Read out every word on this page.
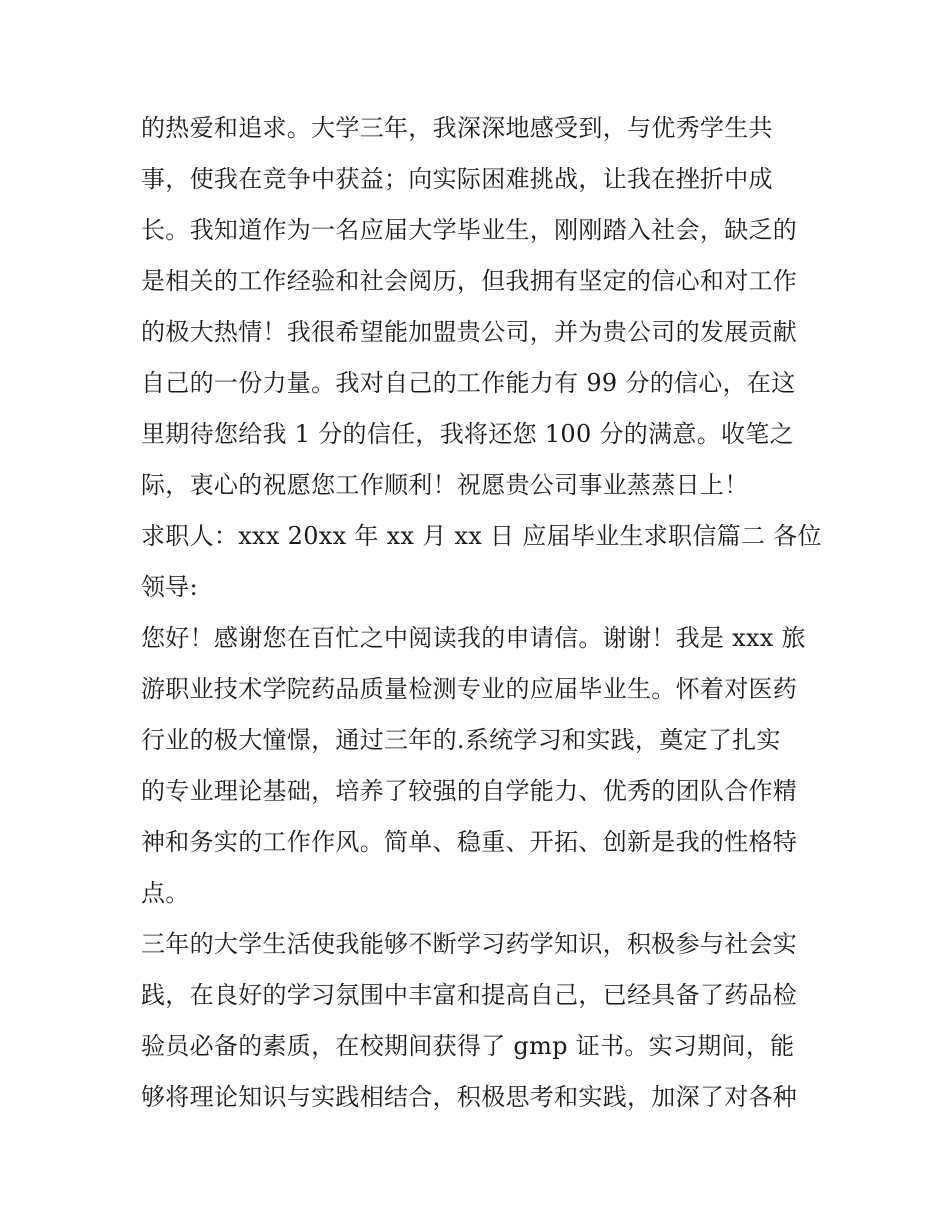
的热爱和追求。大学三年，我深深地感受到，与优秀学生共
事，使我在竞争中获益；向实际困难挑战，让我在挫折中成
长。我知道作为一名应届大学毕业生，刚刚踏入社会，缺乏的
是相关的工作经验和社会阅历，但我拥有坚定的信心和对工作
的极大热情！我很希望能加盟贵公司，并为贵公司的发展贡献
自己的一份力量。我对自己的工作能力有 99 分的信心，在这
里期待您给我 1 分的信任，我将还您 100 分的满意。收笔之
际，衷心的祝愿您工作顺利！祝愿贵公司事业蒸蒸日上！
求职人：xxx 20xx 年 xx 月 xx 日 应届毕业生求职信篇二 各位
领导:
您好！感谢您在百忙之中阅读我的申请信。谢谢！我是 xxx 旅
游职业技术学院药品质量检测专业的应届毕业生。怀着对医药
行业的极大憧憬，通过三年的.系统学习和实践，奠定了扎实
的专业理论基础，培养了较强的自学能力、优秀的团队合作精
神和务实的工作作风。简单、稳重、开拓、创新是我的性格特
点。
三年的大学生活使我能够不断学习药学知识，积极参与社会实
践，在良好的学习氛围中丰富和提高自己，已经具备了药品检
验员必备的素质，在校期间获得了 gmp 证书。实习期间，能
够将理论知识与实践相结合，积极思考和实践，加深了对各种
